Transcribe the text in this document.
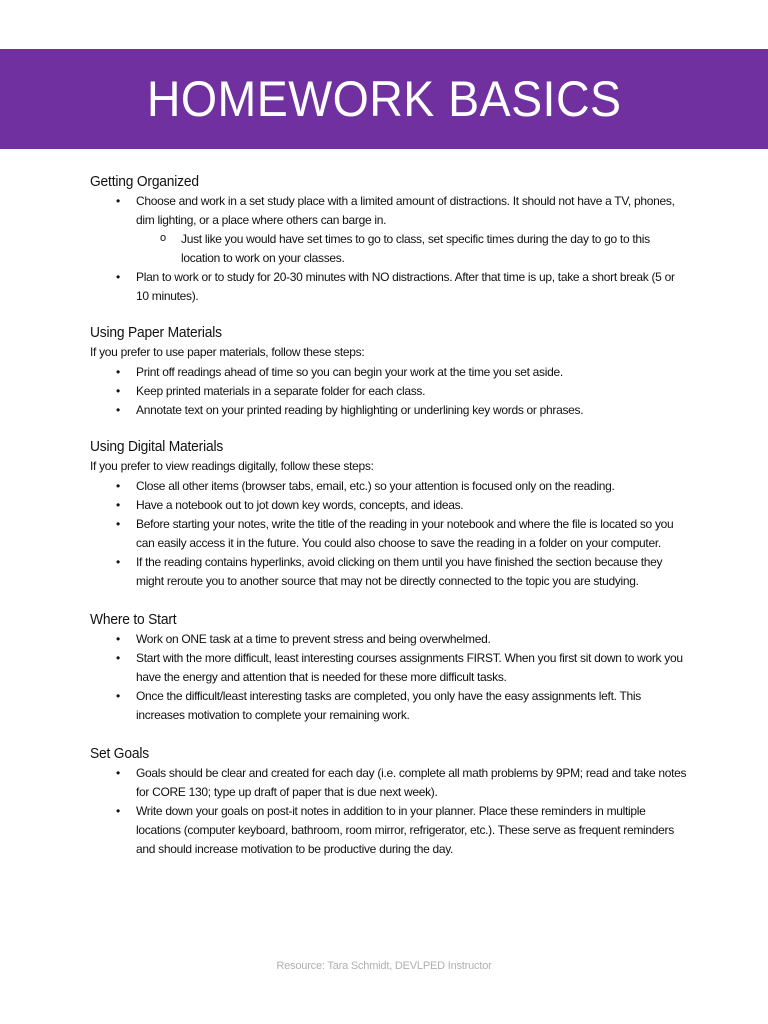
HOMEWORK BASICS
Getting Organized
• Choose and work in a set study place with a limited amount of distractions. It should not have a TV, phones, dim lighting, or a place where others can barge in.
o Just like you would have set times to go to class, set specific times during the day to go to this location to work on your classes.
• Plan to work or to study for 20-30 minutes with NO distractions. After that time is up, take a short break (5 or 10 minutes).
Using Paper Materials

If you prefer to use paper materials, follow these steps:

• Print off readings ahead of time so you can begin your work at the time you set aside.
• Keep printed materials in a separate folder for each class.
• Annotate text on your printed reading by highlighting or underlining key words or phrases.
Using Digital Materials

If you prefer to view readings digitally, follow these steps:

• Close all other items (browser tabs, email, etc.) so your attention is focused only on the reading.
• Have a notebook out to jot down key words, concepts, and ideas.
• Before starting your notes, write the title of the reading in your notebook and where the file is located so you can easily access it in the future. You could also choose to save the reading in a folder on your computer.
• If the reading contains hyperlinks, avoid clicking on them until you have finished the section because they might reroute you to another source that may not be directly connected to the topic you are studying.
Where to Start
• Work on ONE task at a time to prevent stress and being overwhelmed.
• Start with the more difficult, least interesting courses assignments FIRST. When you first sit down to work you have the energy and attention that is needed for these more difficult tasks.
• Once the difficult/least interesting tasks are completed, you only have the easy assignments left. This increases motivation to complete your remaining work.
Set Goals
• Goals should be clear and created for each day (i.e. complete all math problems by 9PM; read and take notes for CORE 130; type up draft of paper that is due next week).
• Write down your goals on post-it notes in addition to in your planner. Place these reminders in multiple locations (computer keyboard, bathroom, room mirror, refrigerator, etc.). These serve as frequent reminders and should increase motivation to be productive during the day.
Resource: Tara Schmidt, DEVLPED Instructor
